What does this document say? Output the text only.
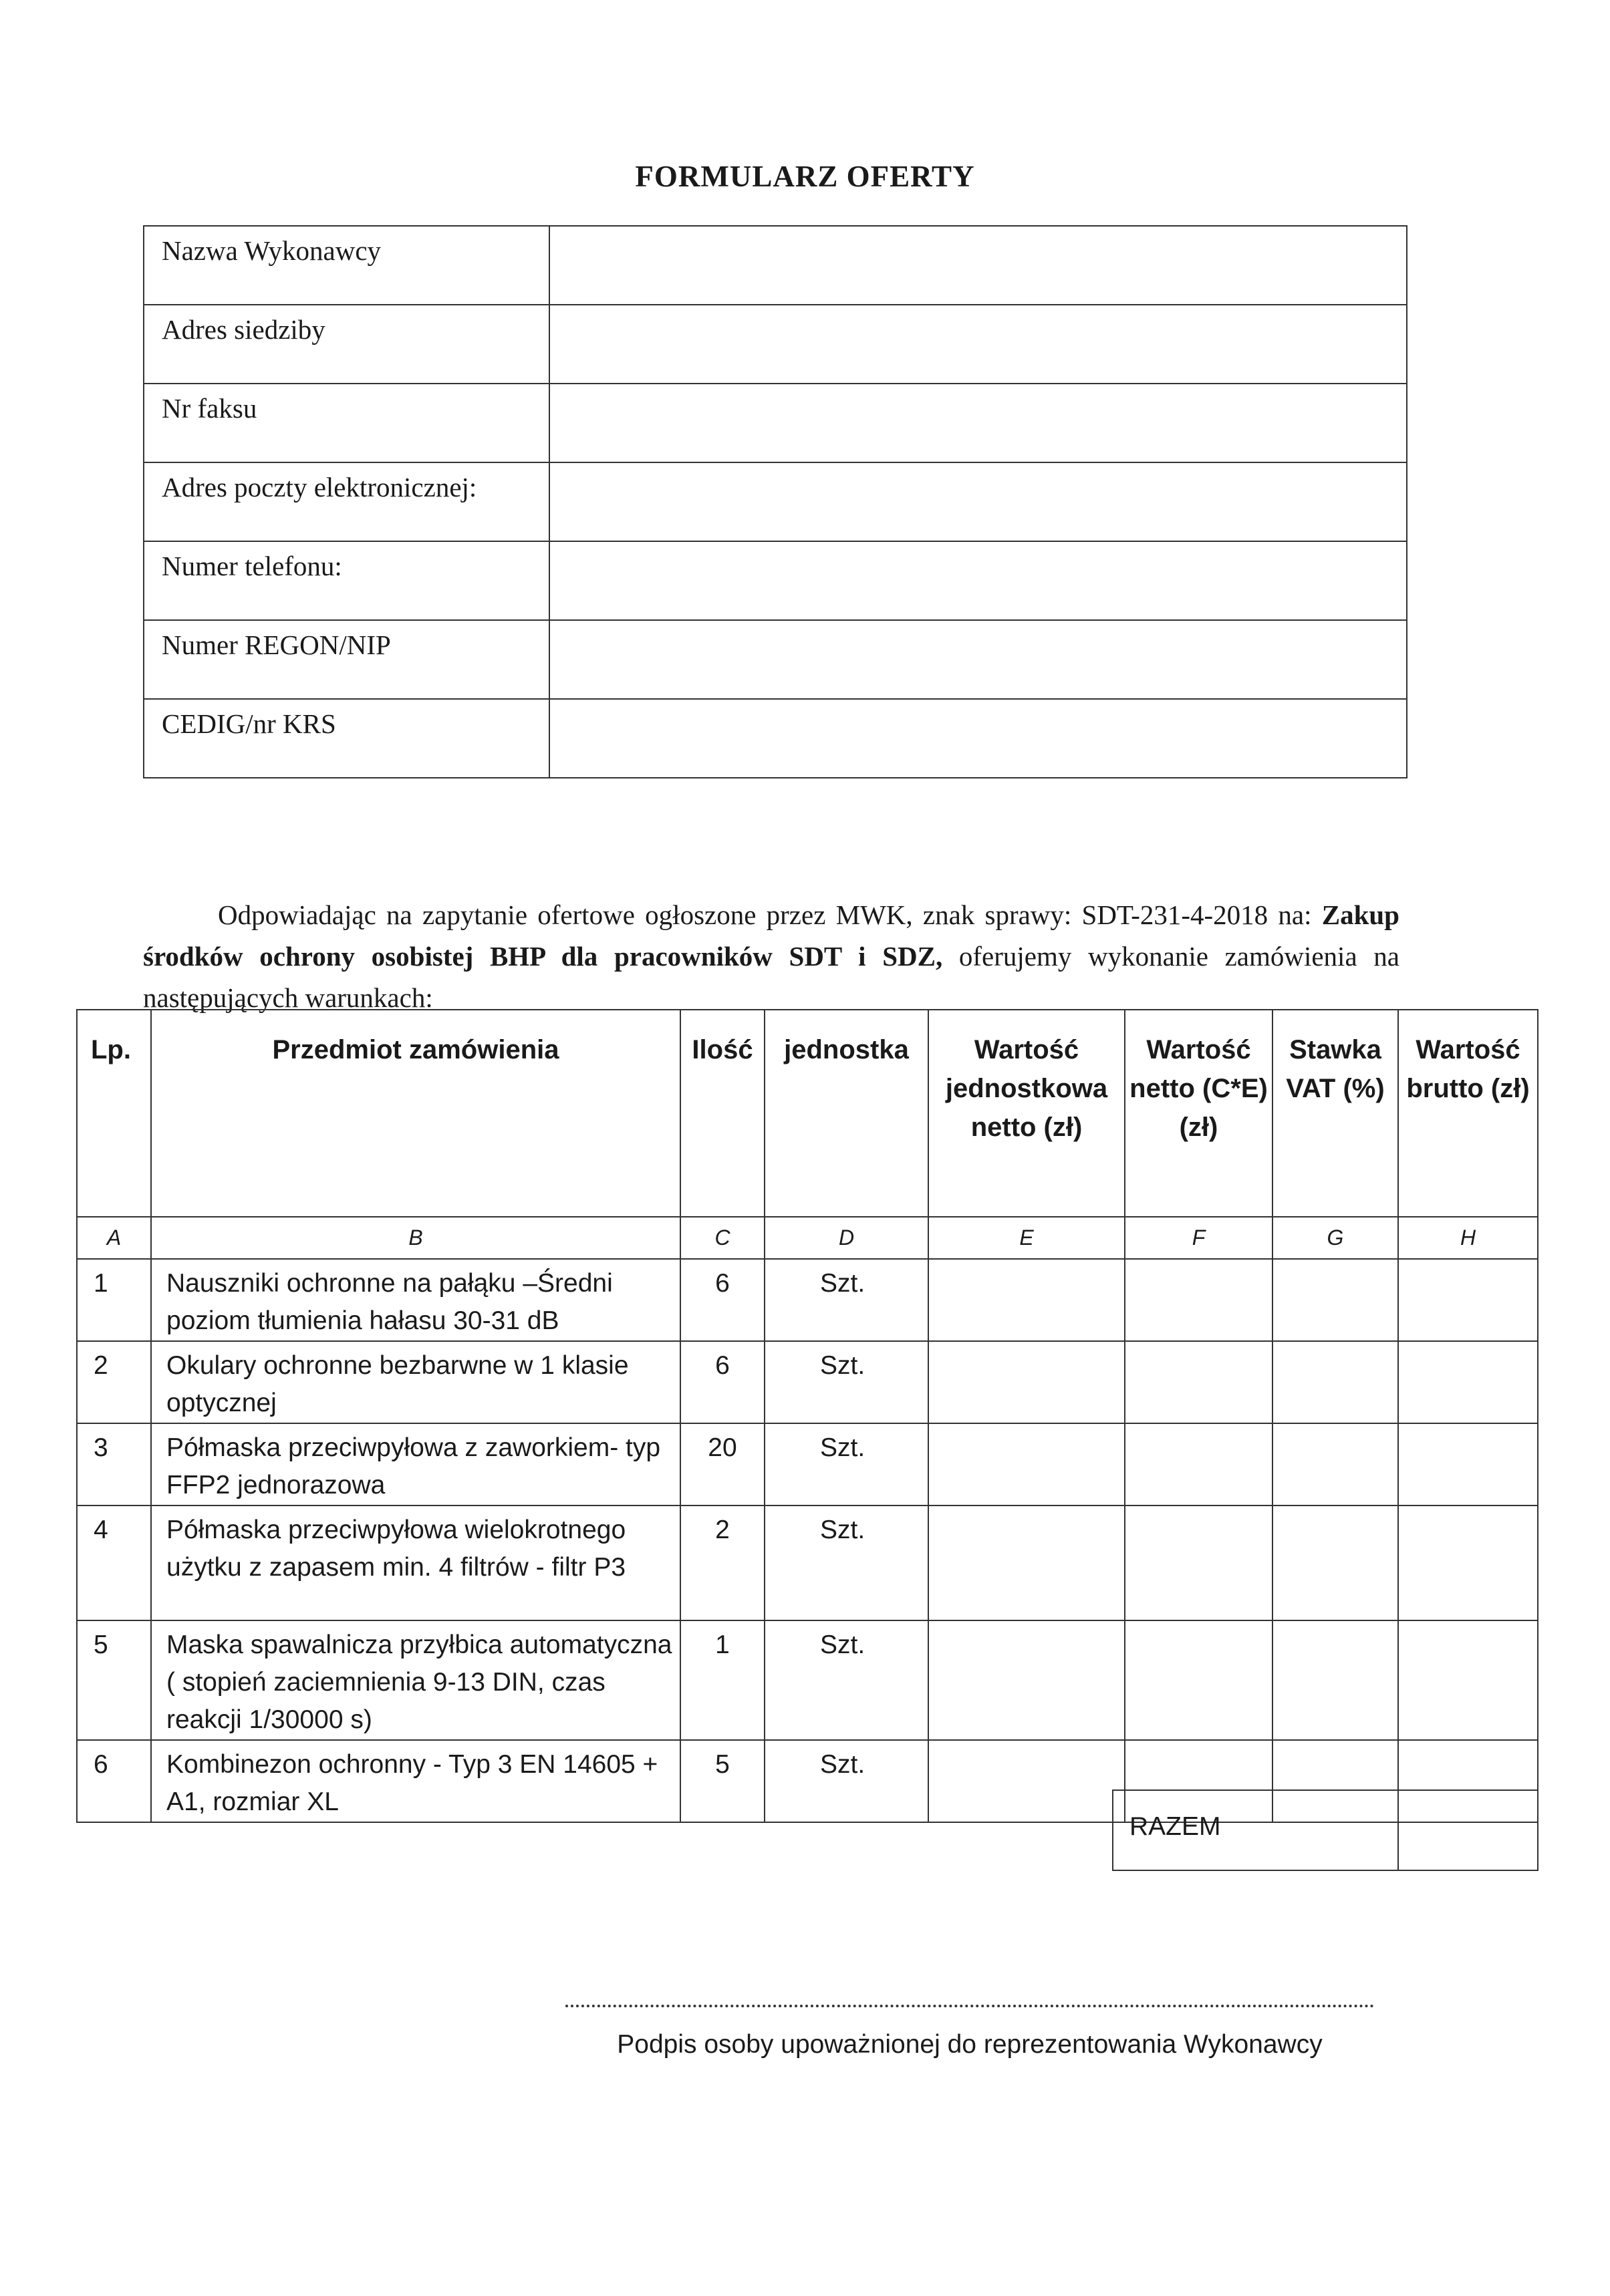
FORMULARZ OFERTY
Nazwa Wykonawcy	
Adres siedziby	
Nr faksu	
Adres poczty elektronicznej:	
Numer telefonu:	
Numer REGON/NIP	
CEDIG/nr KRS	

Odpowiadając na zapytanie ofertowe ogłoszone przez MWK, znak sprawy: SDT-231-4-2018 na: Zakup środków ochrony osobistej BHP dla pracowników SDT i SDZ, oferujemy wykonanie zamówienia na następujących warunkach:

Lp.	Przedmiot zamówienia	Ilość	jednostka	Wartość jednostkowa netto (zł)	Wartość netto (C*E) (zł)	Stawka VAT (%)	Wartość brutto (zł)
A	B	C	D	E	F	G	H
1	Nauszniki ochronne na pałąku –Średni poziom tłumienia hałasu 30-31 dB	6	Szt.				
2	Okulary ochronne bezbarwne w 1 klasie optycznej	6	Szt.				
3	Półmaska przeciwpyłowa z zaworkiem- typ FFP2 jednorazowa	20	Szt.				
4	Półmaska przeciwpyłowa wielokrotnego użytku z zapasem min. 4 filtrów - filtr P3	2	Szt.				
5	Maska spawalnicza przyłbica automatyczna ( stopień zaciemnienia 9-13 DIN, czas reakcji 1/30000 s)	1	Szt.				
6	Kombinezon ochronny - Typ 3 EN 14605 + A1, rozmiar XL	5	Szt.				
RAZEM	
Podpis osoby upoważnionej do reprezentowania Wykonawcy
